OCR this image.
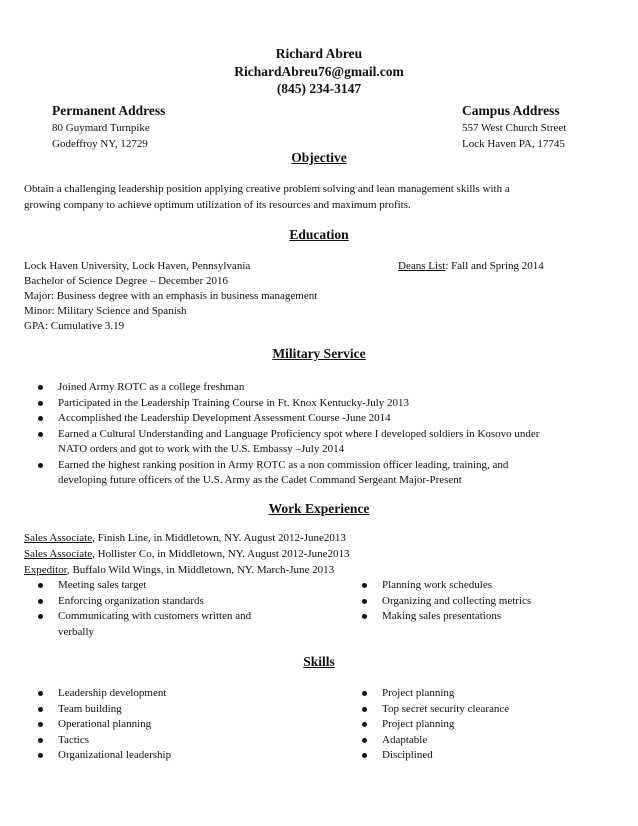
Richard Abreu
RichardAbreu76@gmail.com
(845) 234-3147
Permanent Address
80 Guymard Turnpike
Godeffroy NY, 12729
Campus Address
557 West Church Street
Lock Haven PA, 17745
Objective
Obtain a challenging leadership position applying creative problem solving and lean management skills with a
growing company to achieve optimum utilization of its resources and maximum profits.
Education
Lock Haven University, Lock Haven, Pennsylvania	Deans List: Fall and Spring 2014
Bachelor of Science Degree – December 2016
Major: Business degree with an emphasis in business management
Minor: Military Science and Spanish
GPA: Cumulative 3.19
Military Service
Joined Army ROTC as a college freshman
Participated in the Leadership Training Course in Ft. Knox Kentucky-July 2013
Accomplished the Leadership Development Assessment Course -June 2014
Earned a Cultural Understanding and Language Proficiency spot where I developed soldiers in Kosovo under
NATO orders and got to work with the U.S. Embassy –July 2014
Earned the highest ranking position in Army ROTC as a non commission officer leading, training, and
developing future officers of the U.S. Army as the Cadet Command Sergeant Major-Present
Work Experience
Sales Associate, Finish Line, in Middletown, NY. August 2012-June2013
Sales Associate, Hollister Co, in Middletown, NY. August 2012-June2013
Expeditor, Buffalo Wild Wings, in Middletown, NY. March-June 2013
Meeting sales target
Enforcing organization standards
Communicating with customers written and
verbally
Planning work schedules
Organizing and collecting metrics
Making sales presentations
Skills
Leadership development
Team building
Operational planning
Tactics
Organizational leadership
Project planning
Top secret security clearance
Project planning
Adaptable
Disciplined
